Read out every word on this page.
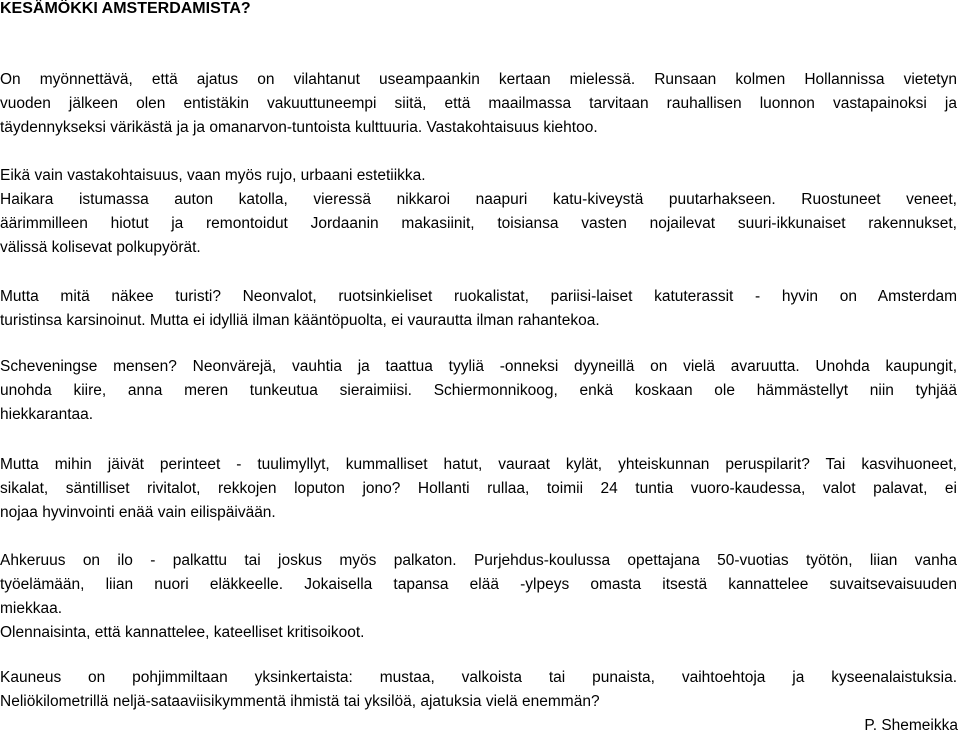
KESÄMÖKKI AMSTERDAMISTA?
On myönnettävä, että ajatus on vilahtanut useampaankin kertaan mielessä. Runsaan kolmen Hollannissa vietetyn
vuoden jälkeen olen entistäkin vakuuttuneempi siitä, että maailmassa tarvitaan rauhallisen luonnon vastapainoksi ja
täydennykseksi värikästä ja ja omanarvon-tuntoista kulttuuria. Vastakohtaisuus kiehtoo.
Eikä vain vastakohtaisuus, vaan myös rujo, urbaani estetiikka.
Haikara istumassa auton katolla, vieressä nikkaroi naapuri katu-kiveystä puutarhakseen. Ruostuneet veneet,
äärimmilleen hiotut ja remontoidut Jordaanin makasiinit, toisiansa vasten nojailevat suuri-ikkunaiset rakennukset,
välissä kolisevat polkupyörät.
Mutta mitä näkee turisti? Neonvalot, ruotsinkieliset ruokalistat, pariisi-laiset katuterassit - hyvin on Amsterdam
turistinsa karsinoinut. Mutta ei idylliä ilman kääntöpuolta, ei vaurautta ilman rahantekoa.
Scheveningse mensen? Neonvärejä, vauhtia ja taattua tyyliä -onneksi dyyneillä on vielä avaruutta. Unohda kaupungit,
unohda kiire, anna meren tunkeutua sieraimiisi. Schiermonnikoog, enkä koskaan ole hämmästellyt niin tyhjää
hiekkarantaa.
Mutta mihin jäivät perinteet - tuulimyllyt, kummalliset hatut, vauraat kylät, yhteiskunnan peruspilarit? Tai kasvihuoneet,
sikalat, säntilliset rivitalot, rekkojen loputon jono? Hollanti rullaa, toimii 24 tuntia vuoro-kaudessa, valot palavat, ei
nojaa hyvinvointi enää vain eilispäivään.
Ahkeruus on ilo - palkattu tai joskus myös palkaton. Purjehdus-koulussa opettajana 50-vuotias työtön, liian vanha
työelämään, liian nuori eläkkeelle. Jokaisella tapansa elää -ylpeys omasta itsestä kannattelee suvaitsevaisuuden
miekkaa.
Olennaisinta, että kannattelee, kateelliset kritisoikoot.
Kauneus on pohjimmiltaan yksinkertaista: mustaa, valkoista tai punaista, vaihtoehtoja ja kyseenalaistuksia.
Neliökilometrillä neljä-sataaviisikymmentä ihmistä tai yksilöä, ajatuksia vielä enemmän?
P. Shemeikka
